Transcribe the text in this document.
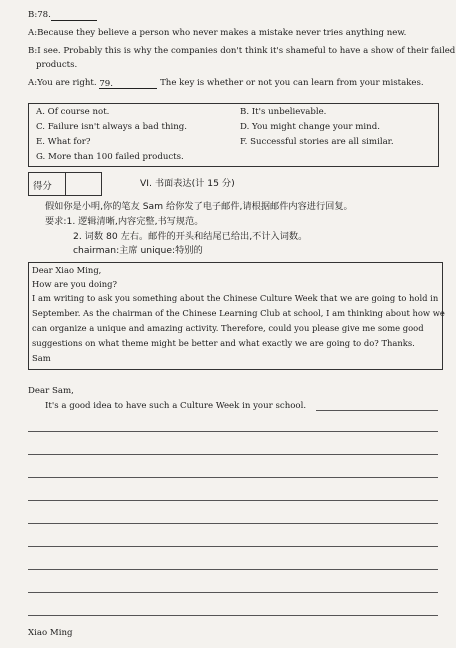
B:78.
A:Because they believe a person who never makes a mistake never tries anything new.
B:I see. Probably this is why the companies don't think it's shameful to have a show of their failed
products.
A:You are right. 79.	The key is whether or not you can learn from your mistakes.
A. Of course not.	B. It's unbelievable.
C. Failure isn't always a bad thing.	D. You might change your mind.
E. What for?	F. Successful stories are all similar.
G. More than 100 failed products.
得分	VI. 书面表达(计 15 分)
假如你是小明,你的笔友 Sam 给你发了电子邮件,请根据邮件内容进行回复。
要求:1. 逻辑清晰,内容完整,书写规范。
2. 词数 80 左右。邮件的开头和结尾已给出,不计入词数。
chairman:主席 unique:特别的
Dear Xiao Ming,
How are you doing?
I am writing to ask you something about the Chinese Culture Week that we are going to hold in
September. As the chairman of the Chinese Learning Club at school, I am thinking about how we
can organize a unique and amazing activity. Therefore, could you please give me some good
suggestions on what theme might be better and what exactly we are going to do? Thanks.
Sam
Dear Sam,
It's a good idea to have such a Culture Week in your school.
Xiao Ming
